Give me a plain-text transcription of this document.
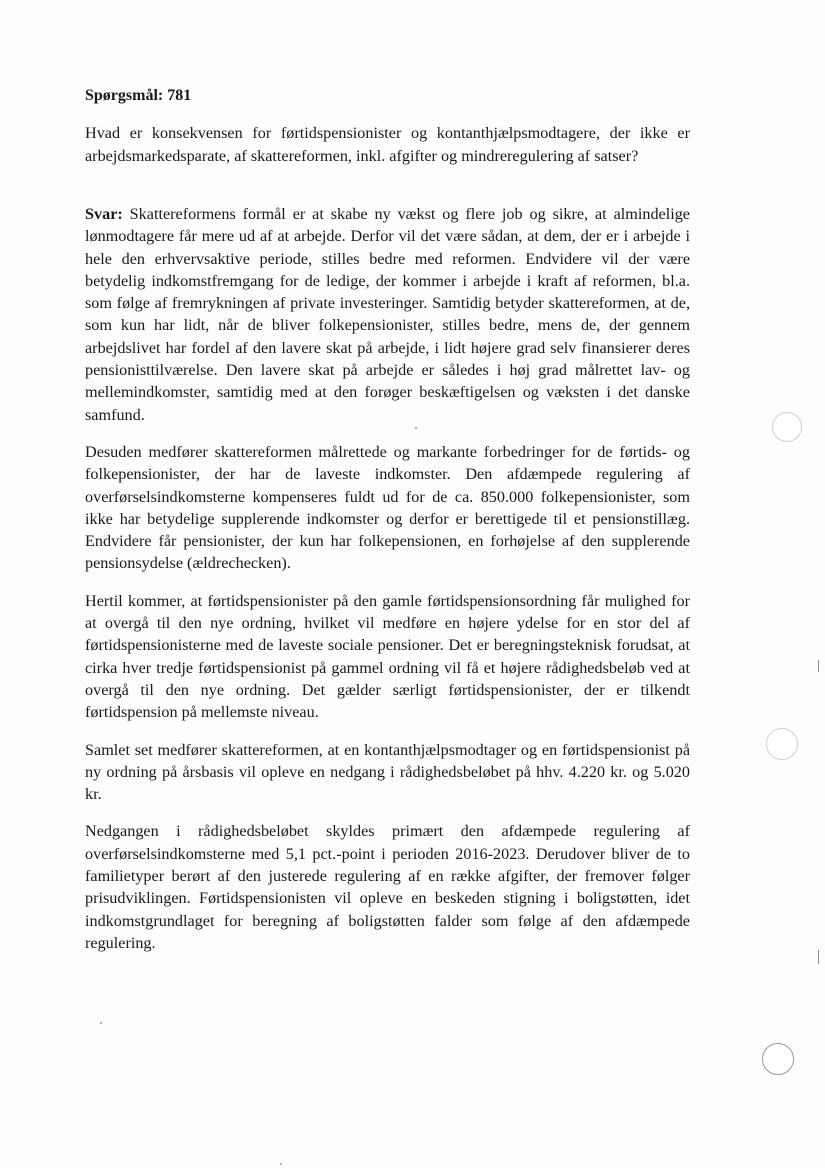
Spørgsmål: 781

Hvad er konsekvensen for førtidspensionister og kontanthjælpsmodtagere, der ikke er arbejdsmarkedsparate, af skattereformen, inkl. afgifter og mindreregulering af satser?

Svar: Skattereformens formål er at skabe ny vækst og flere job og sikre, at almindelige lønmodtagere får mere ud af at arbejde. Derfor vil det være sådan, at dem, der er i arbejde i hele den erhvervsaktive periode, stilles bedre med reformen. Endvidere vil der være betydelig indkomstfremgang for de ledige, der kommer i arbejde i kraft af reformen, bl.a. som følge af fremrykningen af private investeringer. Samtidig betyder skattereformen, at de, som kun har lidt, når de bliver folkepensionister, stilles bedre, mens de, der gennem arbejdslivet har fordel af den lavere skat på arbejde, i lidt højere grad selv finansierer deres pensionisttilværelse. Den lavere skat på arbejde er således i høj grad målrettet lav- og mellemindkomster, samtidig med at den forøger beskæftigelsen og væksten i det danske samfund.

Desuden medfører skattereformen målrettede og markante forbedringer for de førtids- og folkepensionister, der har de laveste indkomster. Den afdæmpede regulering af overførselsindkomsterne kompenseres fuldt ud for de ca. 850.000 folkepensionister, som ikke har betydelige supplerende indkomster og derfor er berettigede til et pensionstillæg. Endvidere får pensionister, der kun har folkepensionen, en forhøjelse af den supplerende pensionsydelse (ældrechecken).

Hertil kommer, at førtidspensionister på den gamle førtidspensionsordning får mulighed for at overgå til den nye ordning, hvilket vil medføre en højere ydelse for en stor del af førtidspensionisterne med de laveste sociale pensioner. Det er beregningsteknisk forudsat, at cirka hver tredje førtidspensionist på gammel ordning vil få et højere rådighedsbeløb ved at overgå til den nye ordning. Det gælder særligt førtidspensionister, der er tilkendt førtidspension på mellemste niveau.

Samlet set medfører skattereformen, at en kontanthjælpsmodtager og en førtidspensionist på ny ordning på årsbasis vil opleve en nedgang i rådighedsbeløbet på hhv. 4.220 kr. og 5.020 kr.

Nedgangen i rådighedsbeløbet skyldes primært den afdæmpede regulering af overførselsindkomsterne med 5,1 pct.-point i perioden 2016-2023. Derudover bliver de to familietyper berørt af den justerede regulering af en række afgifter, der fremover følger prisudviklingen. Førtidspensionisten vil opleve en beskeden stigning i boligstøtten, idet indkomstgrundlaget for beregning af boligstøtten falder som følge af den afdæmpede regulering.
